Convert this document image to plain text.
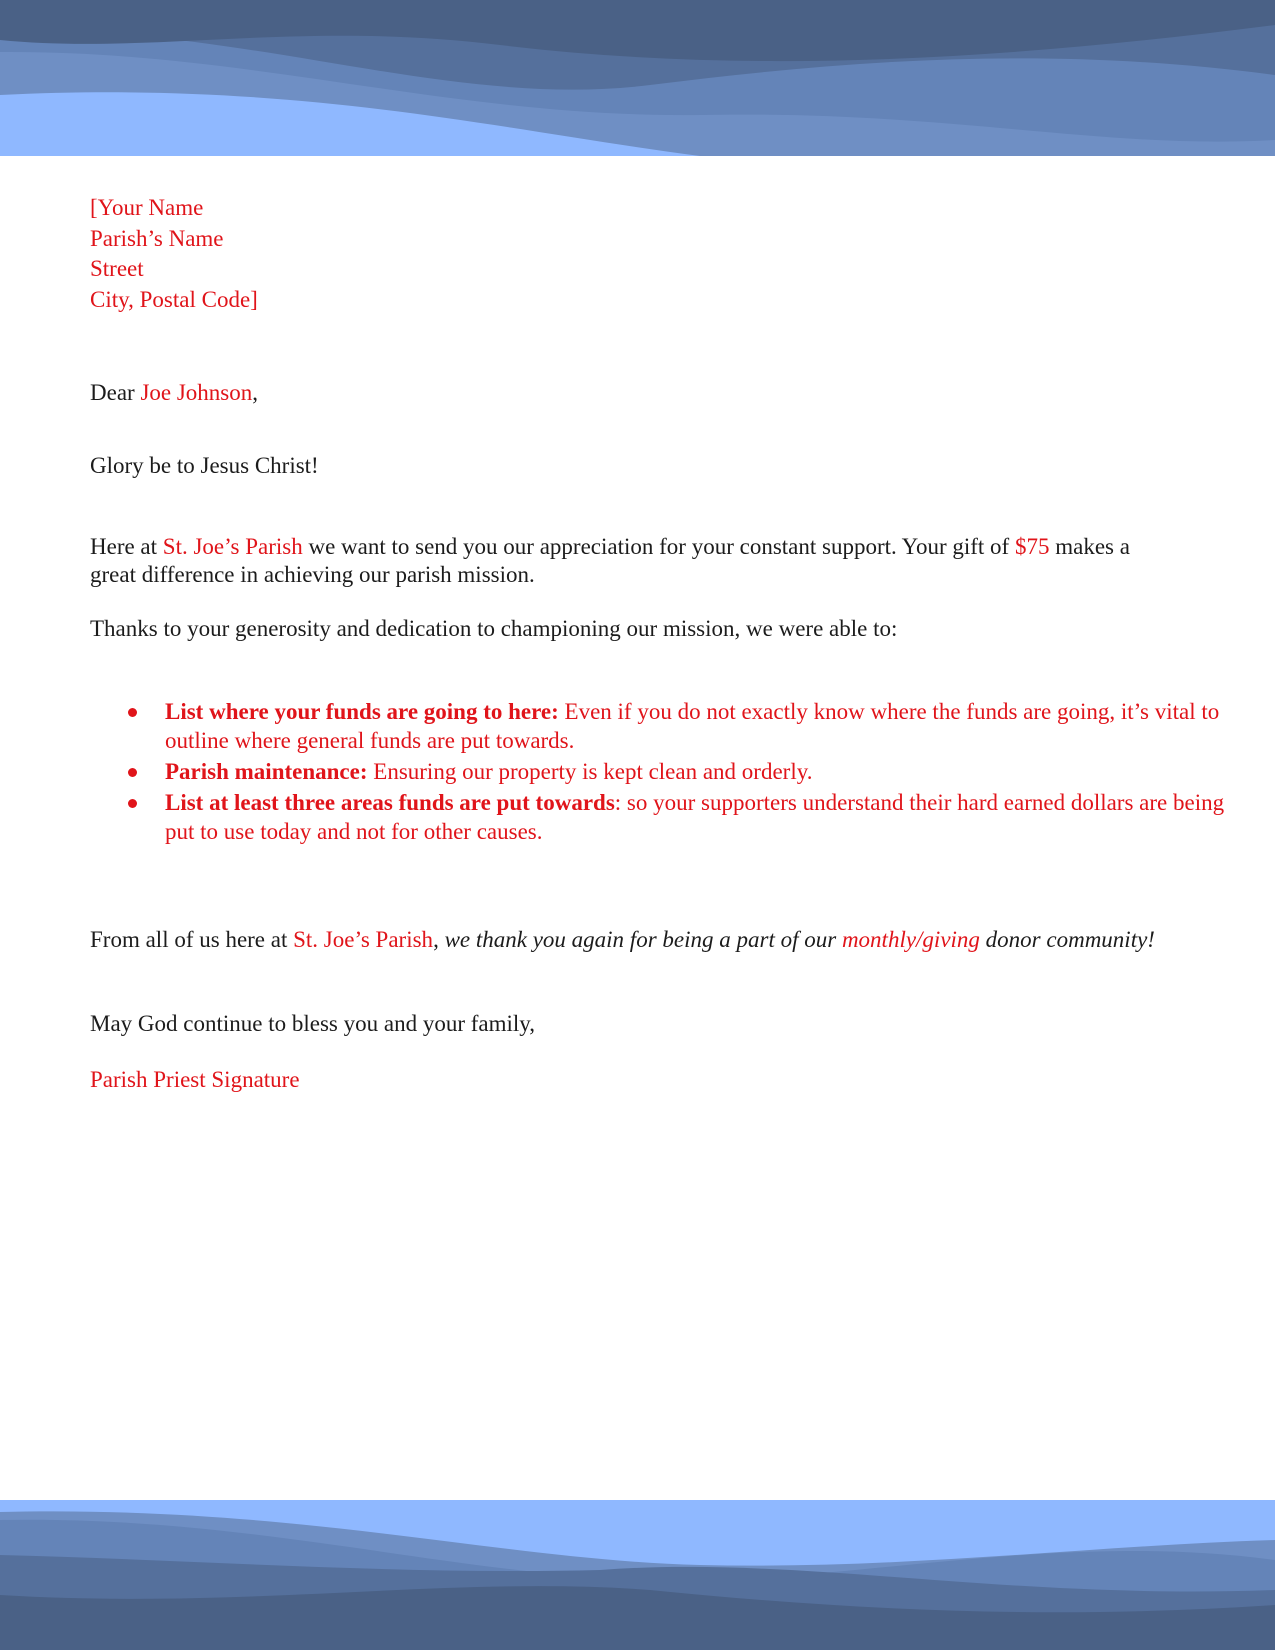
[Your Name
Parish’s Name
Street
City, Postal Code]
Dear Joe Johnson,
Glory be to Jesus Christ!
Here at St. Joe’s Parish we want to send you our appreciation for your constant support. Your gift of $75 makes a great difference in achieving our parish mission.
Thanks to your generosity and dedication to championing our mission, we were able to:
List where your funds are going to here: Even if you do not exactly know where the funds are going, it’s vital to outline where general funds are put towards.
Parish maintenance: Ensuring our property is kept clean and orderly.
List at least three areas funds are put towards: so your supporters understand their hard earned dollars are being put to use today and not for other causes.
From all of us here at St. Joe’s Parish, we thank you again for being a part of our monthly/giving donor community!
May God continue to bless you and your family,
Parish Priest Signature
